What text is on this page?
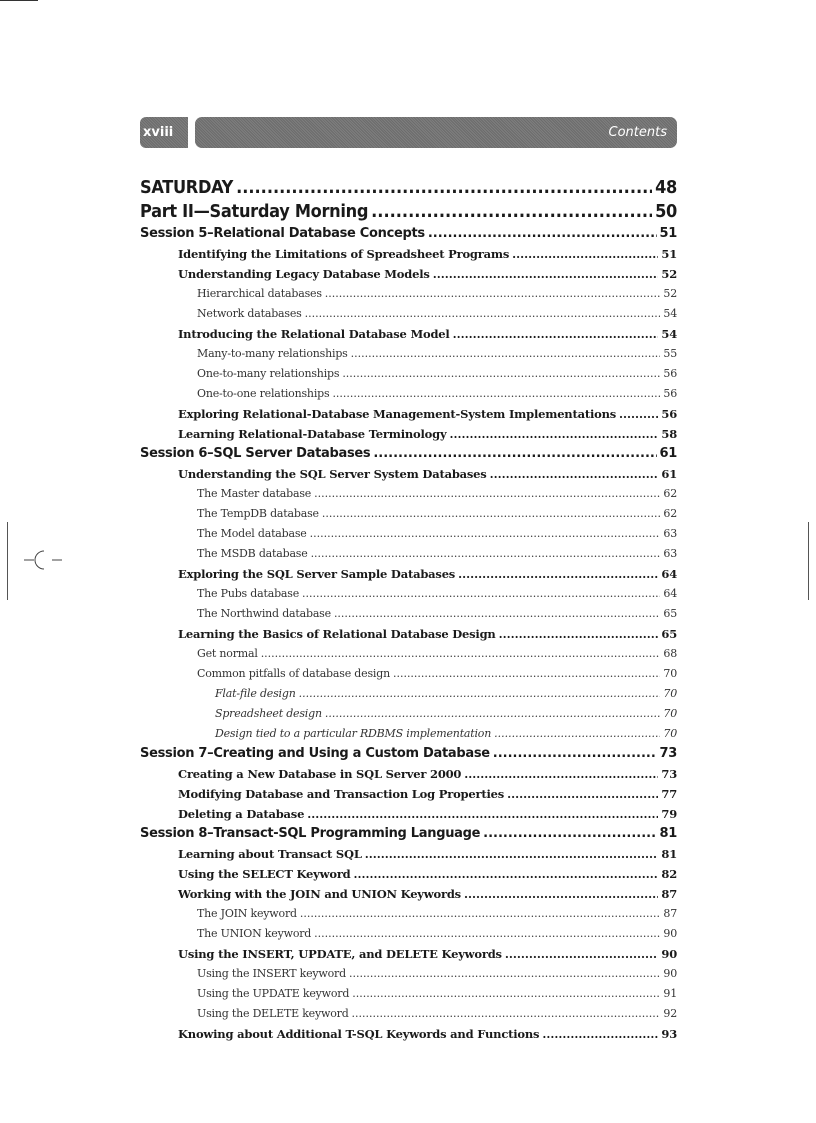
xviii	Contents
SATURDAY .....	48
Part II—Saturday Morning .....	50
Session 5–Relational Database Concepts .....	51
Identifying the Limitations of Spreadsheet Programs .....	51
Understanding Legacy Database Models .....	52
Hierarchical databases .....	52
Network databases .....	54
Introducing the Relational Database Model .....	54
Many-to-many relationships .....	55
One-to-many relationships .....	56
One-to-one relationships .....	56
Exploring Relational-Database Management-System Implementations .....	56
Learning Relational-Database Terminology .....	58
Session 6–SQL Server Databases .....	61
Understanding the SQL Server System Databases .....	61
The Master database .....	62
The TempDB database .....	62
The Model database .....	63
The MSDB database .....	63
Exploring the SQL Server Sample Databases .....	64
The Pubs database .....	64
The Northwind database .....	65
Learning the Basics of Relational Database Design .....	65
Get normal .....	68
Common pitfalls of database design .....	70
Flat-file design .....	70
Spreadsheet design .....	70
Design tied to a particular RDBMS implementation .....	70
Session 7–Creating and Using a Custom Database .....	73
Creating a New Database in SQL Server 2000 .....	73
Modifying Database and Transaction Log Properties .....	77
Deleting a Database .....	79
Session 8–Transact-SQL Programming Language .....	81
Learning about Transact SQL .....	81
Using the SELECT Keyword .....	82
Working with the JOIN and UNION Keywords .....	87
The JOIN keyword .....	87
The UNION keyword .....	90
Using the INSERT, UPDATE, and DELETE Keywords .....	90
Using the INSERT keyword .....	90
Using the UPDATE keyword .....	91
Using the DELETE keyword .....	92
Knowing about Additional T-SQL Keywords and Functions .....	93
